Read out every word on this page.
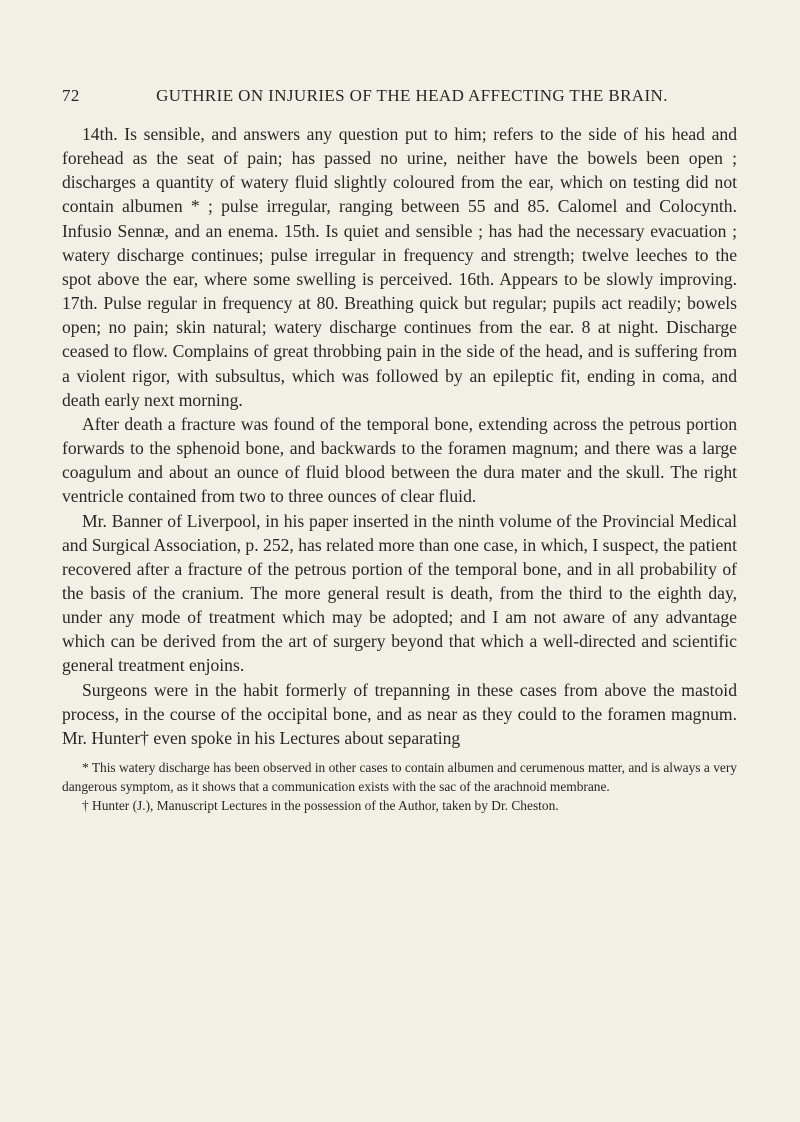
72	GUTHRIE ON INJURIES OF THE HEAD AFFECTING THE BRAIN.

14th. Is sensible, and answers any question put to him; refers to the side of his head and forehead as the seat of pain; has passed no urine, neither have the bowels been open ; discharges a quantity of watery fluid slightly coloured from the ear, which on testing did not contain albumen * ; pulse irregular, ranging between 55 and 85. Calomel and Colocynth. Infusio Sennæ, and an enema. 15th. Is quiet and sensible ; has had the necessary evacuation ; watery discharge continues; pulse irregular in frequency and strength; twelve leeches to the spot above the ear, where some swelling is perceived. 16th. Appears to be slowly improving. 17th. Pulse regular in frequency at 80. Breathing quick but regular; pupils act readily; bowels open; no pain; skin natural; watery discharge continues from the ear. 8 at night. Discharge ceased to flow. Complains of great throbbing pain in the side of the head, and is suffering from a violent rigor, with subsultus, which was followed by an epileptic fit, ending in coma, and death early next morning.

After death a fracture was found of the temporal bone, extending across the petrous portion forwards to the sphenoid bone, and backwards to the foramen magnum; and there was a large coagulum and about an ounce of fluid blood between the dura mater and the skull. The right ventricle contained from two to three ounces of clear fluid.

Mr. Banner of Liverpool, in his paper inserted in the ninth volume of the Provincial Medical and Surgical Association, p. 252, has related more than one case, in which, I suspect, the patient recovered after a fracture of the petrous portion of the temporal bone, and in all probability of the basis of the cranium. The more general result is death, from the third to the eighth day, under any mode of treatment which may be adopted; and I am not aware of any advantage which can be derived from the art of surgery beyond that which a well-directed and scientific general treatment enjoins.

Surgeons were in the habit formerly of trepanning in these cases from above the mastoid process, in the course of the occipital bone, and as near as they could to the foramen magnum. Mr. Hunter† even spoke in his Lectures about separating

* This watery discharge has been observed in other cases to contain albumen and cerumenous matter, and is always a very dangerous symptom, as it shows that a communication exists with the sac of the arachnoid membrane.

† Hunter (J.), Manuscript Lectures in the possession of the Author, taken by Dr. Cheston.
